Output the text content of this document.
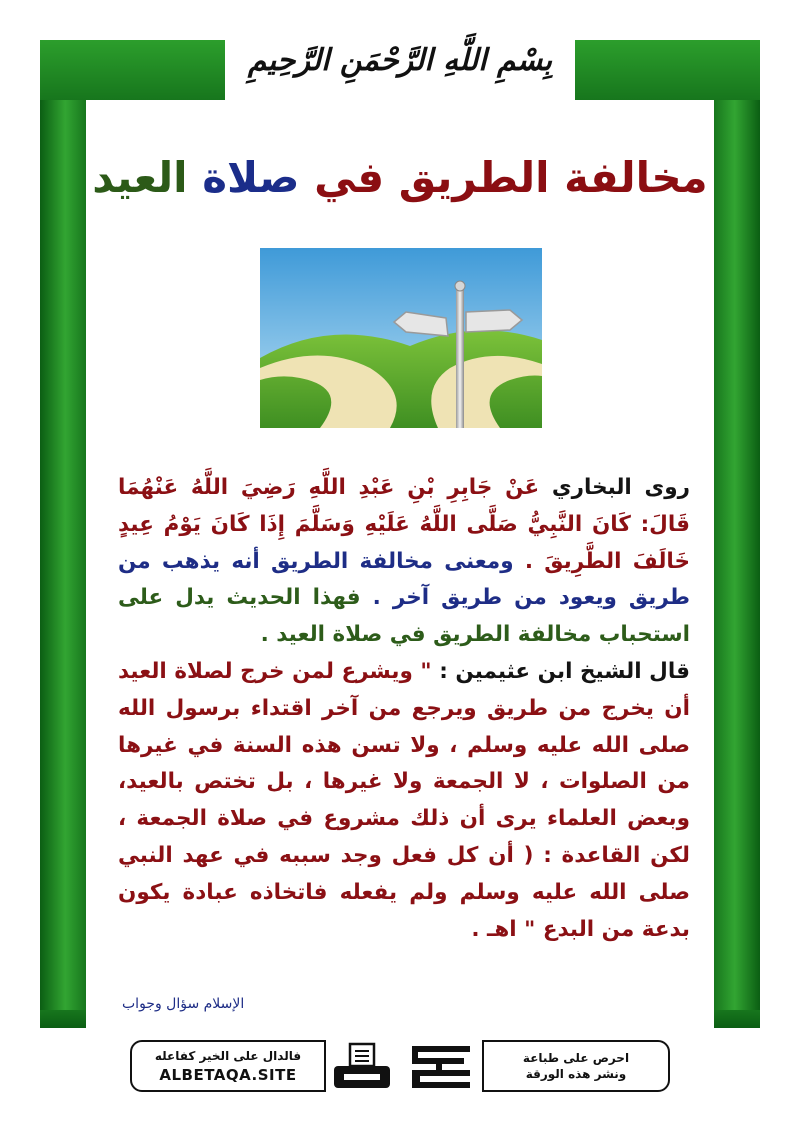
بِسْمِ اللَّهِ الرَّحْمَنِ الرَّحِيمِ
مخالفة الطريق في صلاة العيد
روى البخاري عَنْ جَابِرِ بْنِ عَبْدِ اللَّهِ رَضِيَ اللَّهُ عَنْهُمَا قَالَ: كَانَ النَّبِيُّ صَلَّى اللَّهُ عَلَيْهِ وَسَلَّمَ إِذَا كَانَ يَوْمُ عِيدٍ خَالَفَ الطَّرِيقَ . ومعنى مخالفة الطريق أنه يذهب من طريق ويعود من طريق آخر . فهذا الحديث يدل على استحباب مخالفة الطريق في صلاة العيد .
قال الشيخ ابن عثيمين : " ويشرع لمن خرج لصلاة العيد أن يخرج من طريق ويرجع من آخر اقتداء برسول الله صلى الله عليه وسلم ، ولا تسن هذه السنة في غيرها من الصلوات ، لا الجمعة ولا غيرها ، بل تختص بالعيد، وبعض العلماء يرى أن ذلك مشروع في صلاة الجمعة ، لكن القاعدة : ( أن كل فعل وجد سببه في عهد النبي صلى الله عليه وسلم ولم يفعله فاتخاذه عبادة يكون بدعة من البدع " اهـ .
الإسلام سؤال وجواب
فالدال على الخير كفاعله
ALBETAQA.SITE
احرص على طباعة
ونشر هذه الورقة
